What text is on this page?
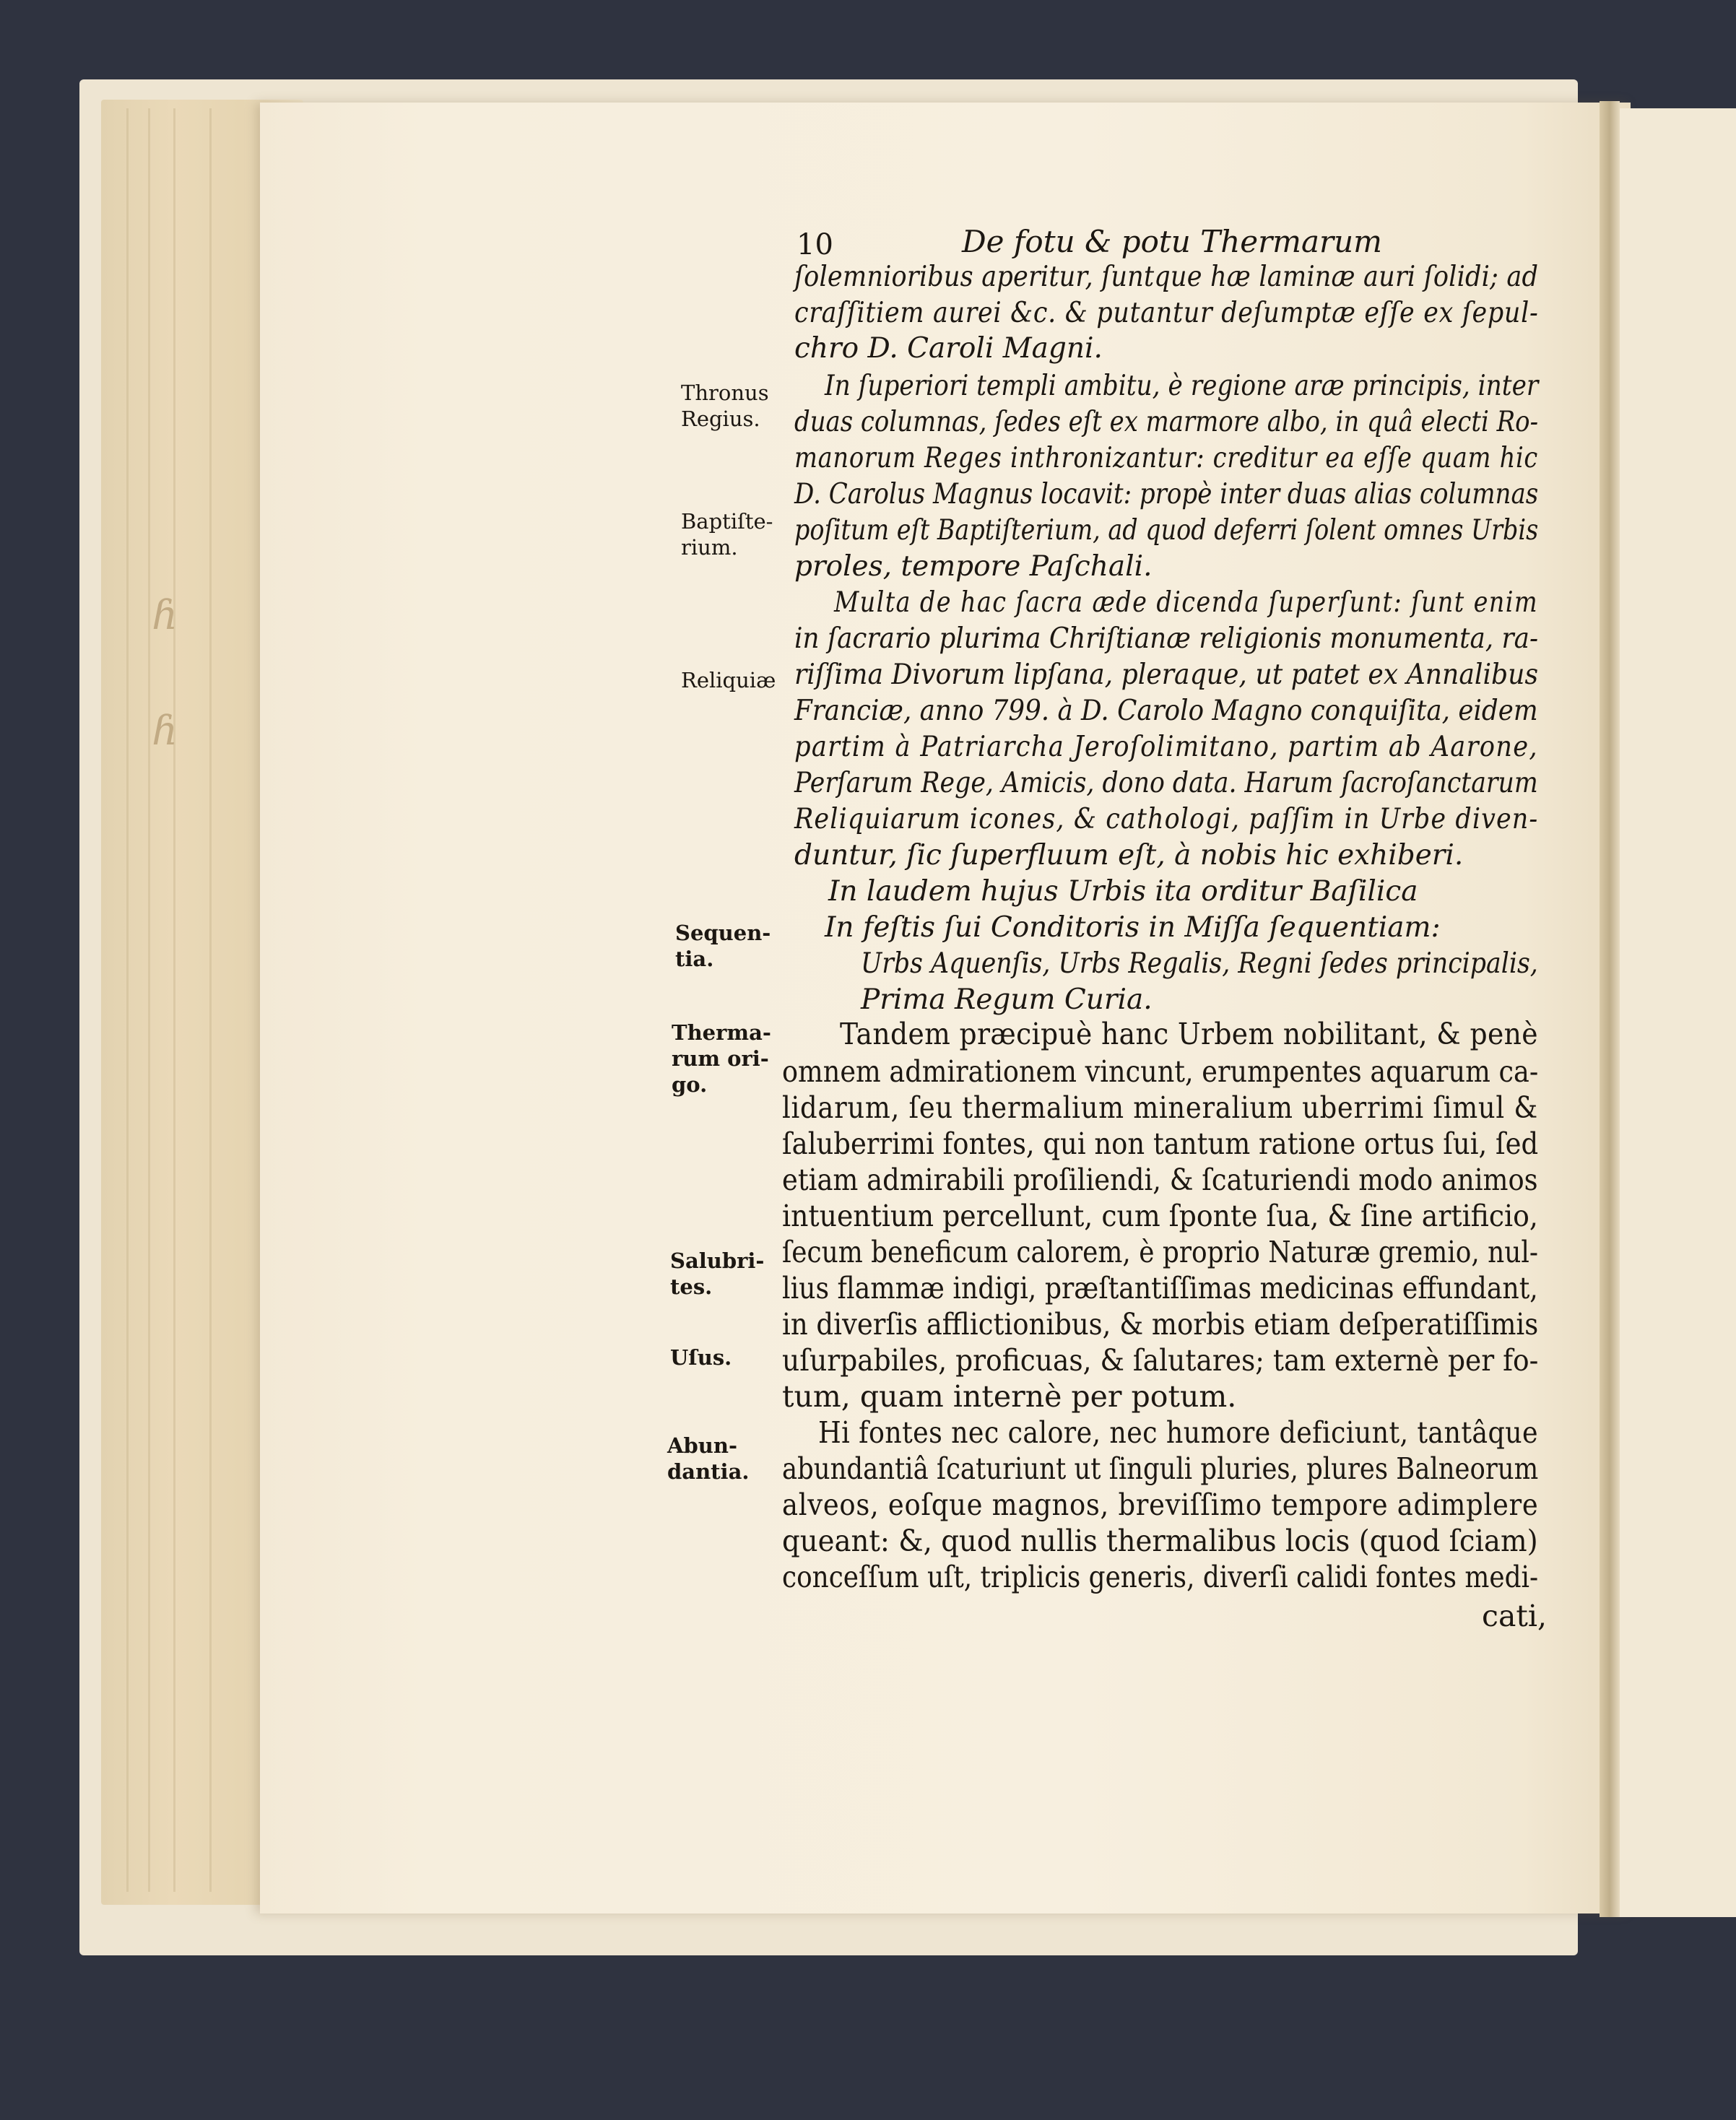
ɦ
ɦ

10	De fotu & potu Thermarum

ſolemnioribus aperitur, ſuntque hæ laminæ auri ſolidi; ad

craſſitiem aurei &c. & putantur deſumptæ eſſe ex ſepul-

chro D. Caroli Magni.

In ſuperiori templi ambitu, è regione aræ principis, inter

duas columnas, ſedes eſt ex marmore albo, in quâ electi Ro-

manorum Reges inthronizantur: creditur ea eſſe quam hic

D. Carolus Magnus locavit: propè inter duas alias columnas

poſitum eſt Baptiſterium, ad quod deferri ſolent omnes Urbis

proles, tempore Paſchali.

Multa de hac ſacra æde dicenda ſuperſunt: ſunt enim

in ſacrario plurima Chriſtianæ religionis monumenta, ra-

riſſima Divorum lipſana, pleraque, ut patet ex Annalibus

Franciæ, anno 799. à D. Carolo Magno conquiſita, eidem

partim à Patriarcha Jeroſolimitano, partim ab Aarone,

Perſarum Rege, Amicis, dono data. Harum ſacroſanctarum

Reliquiarum icones, & cathologi, paſſim in Urbe diven-

duntur, ſic ſuperfluum eſt, à nobis hic exhiberi.

In laudem hujus Urbis ita orditur Baſilica

In feſtis ſui Conditoris in Miſſa ſequentiam:

Urbs Aquenſis, Urbs Regalis, Regni ſedes principalis,

Prima Regum Curia.

Tandem præcipuè hanc Urbem nobilitant, & penè

omnem admirationem vincunt, erumpentes aquarum ca-

lidarum, ſeu thermalium mineralium uberrimi ſimul &

ſaluberrimi fontes, qui non tantum ratione ortus ſui, ſed

etiam admirabili proſiliendi, & ſcaturiendi modo animos

intuentium percellunt, cum ſponte ſua, & ſine artificio,

ſecum beneficum calorem, è proprio Naturæ gremio, nul-

lius flammæ indigi, præſtantiſſimas medicinas effundant,

in diverſis afflictionibus, & morbis etiam deſperatiſſimis

uſurpabiles, proficuas, & ſalutares; tam externè per fo-

tum, quam internè per potum.

Hi fontes nec calore, nec humore deficiunt, tantâque

abundantiâ ſcaturiunt ut ſinguli pluries, plures Balneorum

alveos, eoſque magnos, breviſſimo tempore adimplere

queant: &, quod nullis thermalibus locis (quod ſciam)

conceſſum uſt, triplicis generis, diverſi calidi fontes medi-

cati,

Thronus
Regius.

Baptiſte-
rium.

Reliquiæ

Sequen-
tia.

Therma-
rum ori-
go.

Salubri-
tes.

Uſus.

Abun-
dantia.
